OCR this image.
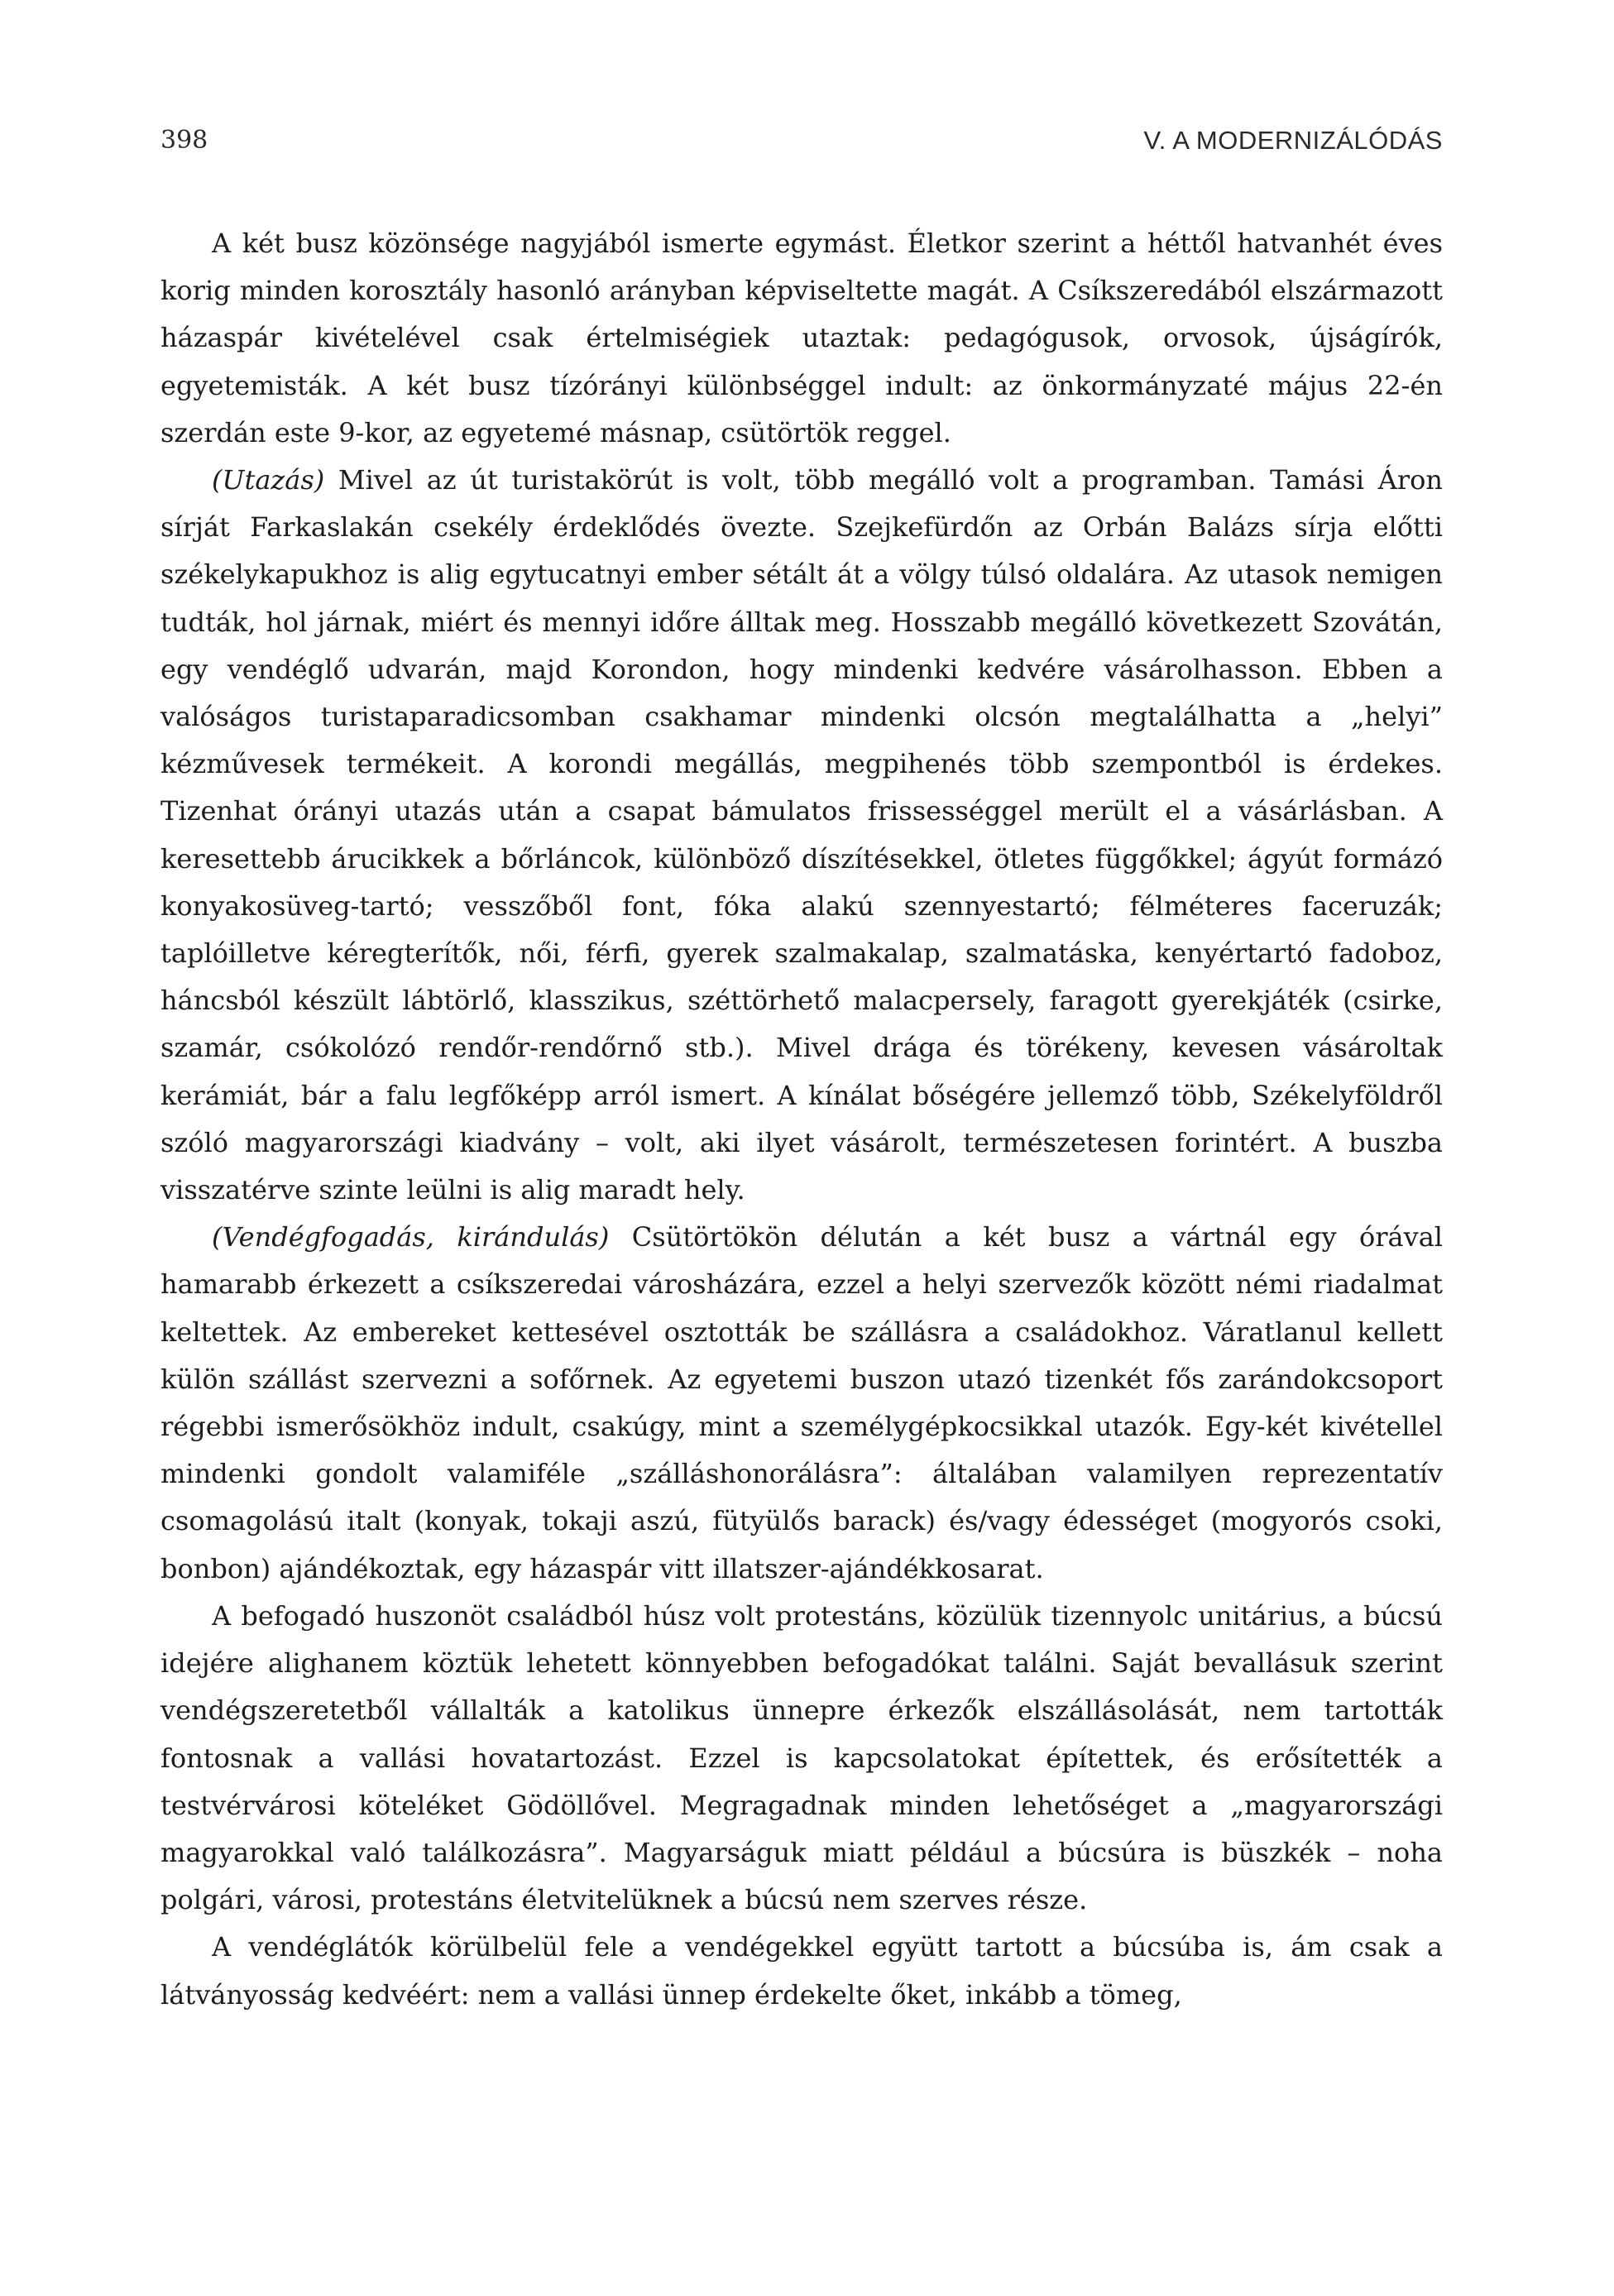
398	V. A MODERNIZÁLÓDÁS

A két busz közönsége nagyjából ismerte egymást. Életkor szerint a héttől hatvanhét éves korig minden korosztály hasonló arányban képviseltette magát. A Csíkszeredából elszármazott házaspár kivételével csak értelmiségiek utaztak: pedagógusok, orvosok, újságírók, egyetemisták. A két busz tízórányi különbséggel indult: az önkormányzaté május 22-én szerdán este 9-kor, az egyetemé másnap, csütörtök reggel.

(Utazás) Mivel az út turistakörút is volt, több megálló volt a programban. Tamási Áron sírját Farkaslakán csekély érdeklődés övezte. Szejkefürdőn az Orbán Balázs sírja előtti székelykapukhoz is alig egytucatnyi ember sétált át a völgy túlsó oldalára. Az utasok nemigen tudták, hol járnak, miért és mennyi időre álltak meg. Hosszabb megálló következett Szovátán, egy vendéglő udvarán, majd Korondon, hogy mindenki kedvére vásárolhasson. Ebben a valóságos turistaparadicsomban csakhamar mindenki olcsón megtalálhatta a „helyi” kézművesek termékeit. A korondi megállás, megpihenés több szempontból is érdekes. Tizenhat órányi utazás után a csapat bámulatos frissességgel merült el a vásárlásban. A keresettebb árucikkek a bőrláncok, különböző díszítésekkel, ötletes függőkkel; ágyút formázó konyakosüveg-tartó; vesszőből font, fóka alakú szennyestartó; félméteres faceruzák; taplóilletve kéregterítők, női, férfi, gyerek szalmakalap, szalmatáska, kenyértartó fadoboz, háncsból készült lábtörlő, klasszikus, széttörhető malacpersely, faragott gyerekjáték (csirke, szamár, csókolózó rendőr-rendőrnő stb.). Mivel drága és törékeny, kevesen vásároltak kerámiát, bár a falu legfőképp arról ismert. A kínálat bőségére jellemző több, Székelyföldről szóló magyarországi kiadvány – volt, aki ilyet vásárolt, természetesen forintért. A buszba visszatérve szinte leülni is alig maradt hely.

(Vendégfogadás, kirándulás) Csütörtökön délután a két busz a vártnál egy órával hamarabb érkezett a csíkszeredai városházára, ezzel a helyi szervezők között némi riadalmat keltettek. Az embereket kettesével osztották be szállásra a családokhoz. Váratlanul kellett külön szállást szervezni a sofőrnek. Az egyetemi buszon utazó tizenkét fős zarándokcsoport régebbi ismerősökhöz indult, csakúgy, mint a személygépkocsikkal utazók. Egy-két kivétellel mindenki gondolt valamiféle „szálláshonorálásra”: általában valamilyen reprezentatív csomagolású italt (konyak, tokaji aszú, fütyülős barack) és/vagy édességet (mogyorós csoki, bonbon) ajándékoztak, egy házaspár vitt illatszer-ajándékkosarat.

A befogadó huszonöt családból húsz volt protestáns, közülük tizennyolc unitárius, a búcsú idejére alighanem köztük lehetett könnyebben befogadókat találni. Saját bevallásuk szerint vendégszeretetből vállalták a katolikus ünnepre érkezők elszállásolását, nem tartották fontosnak a vallási hovatartozást. Ezzel is kapcsolatokat építettek, és erősítették a testvérvárosi köteléket Gödöllővel. Megragadnak minden lehetőséget a „magyarországi magyarokkal való találkozásra”. Magyarságuk miatt például a búcsúra is büszkék – noha polgári, városi, protestáns életvitelüknek a búcsú nem szerves része.

A vendéglátók körülbelül fele a vendégekkel együtt tartott a búcsúba is, ám csak a látványosság kedvéért: nem a vallási ünnep érdekelte őket, inkább a tömeg,
